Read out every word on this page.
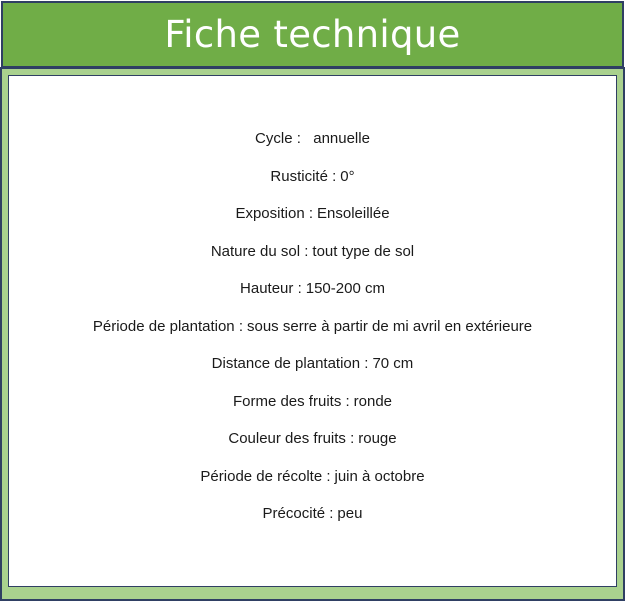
Fiche technique
Cycle :  annuelle
Rusticité : 0°
Exposition : Ensoleillée
Nature du sol : tout type de sol
Hauteur : 150-200 cm
Période de plantation : sous serre à partir de mi avril en extérieure
Distance de plantation : 70 cm
Forme des fruits : ronde
Couleur des fruits : rouge
Période de récolte : juin à octobre
Précocité : peu
